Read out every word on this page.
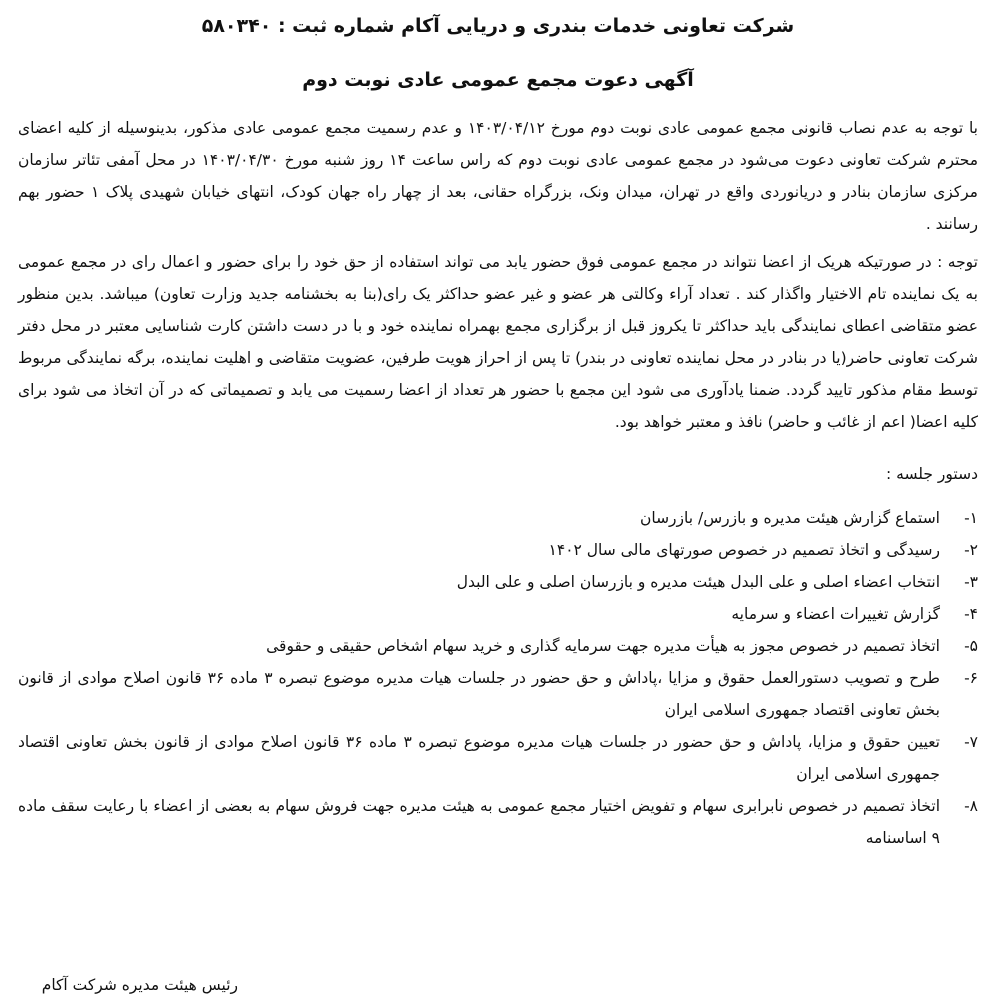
شرکت تعاونی خدمات بندری و دریایی آکام شماره ثبت : ۵۸۰۳۴۰
آگهی دعوت مجمع عمومی عادی نوبت دوم

با توجه به عدم نصاب قانونی مجمع عمومی عادی نوبت دوم مورخ ۱۴۰۳/۰۴/۱۲ و عدم رسمیت مجمع عمومی عادی مذکور، بدینوسیله از کلیه اعضای محترم شرکت تعاونی دعوت می‌شود در مجمع عمومی عادی نوبت دوم که راس ساعت ۱۴ روز شنبه مورخ ۱۴۰۳/۰۴/۳۰ در محل آمفی تئاتر سازمان مرکزی سازمان بنادر و دریانوردی واقع در تهران، میدان ونک، بزرگراه حقانی، بعد از چهار راه جهان کودک، انتهای خیابان شهیدی پلاک ۱ حضور بهم رسانند .

توجه : در صورتیکه هریک از اعضا نتواند در مجمع عمومی فوق حضور یابد می تواند استفاده از حق خود را برای حضور و اعمال رای در مجمع عمومی به یک نماینده تام الاختیار واگذار کند . تعداد آراء وکالتی هر عضو و غیر عضو حداکثر یک رای(بنا به بخشنامه جدید وزارت تعاون) میباشد. بدین منظور عضو متقاضی اعطای نمایندگی باید حداکثر تا یکروز قبل از برگزاری مجمع بهمراه نماینده خود و با در دست داشتن کارت شناسایی معتبر در محل دفتر شرکت تعاونی حاضر(یا در بنادر در محل نماینده تعاونی در بندر) تا پس از احراز هویت طرفین، عضویت متقاضی و اهلیت نماینده، برگه نمایندگی مربوط توسط مقام مذکور تایید گردد. ضمنا یادآوری می شود این مجمع با حضور هر تعداد از اعضا رسمیت می یابد و تصمیماتی که در آن اتخاذ می شود برای کلیه اعضا( اعم از غائب و حاضر) نافذ و معتبر خواهد بود.

دستور جلسه :
۱-
استماع گزارش هیئت مدیره و بازرس/ بازرسان
۲-
رسیدگی و اتخاذ تصمیم در خصوص صورتهای مالی سال ۱۴۰۲
۳-
انتخاب اعضاء اصلی و علی البدل هیئت مدیره و بازرسان اصلی و علی البدل
۴-
گزارش تغییرات اعضاء و سرمایه
۵-
اتخاذ تصمیم در خصوص مجوز به هیأت مدیره جهت سرمایه گذاری و خرید سهام اشخاص حقیقی و حقوقی
۶-
طرح و تصویب دستورالعمل حقوق و مزایا ،پاداش و حق حضور در جلسات هیات مدیره موضوع تبصره ۳ ماده ۳۶ قانون اصلاح موادی از قانون بخش تعاونی اقتصاد جمهوری اسلامی ایران
۷-
تعیین حقوق و مزایا، پاداش و حق حضور در جلسات هیات مدیره موضوع تبصره ۳ ماده ۳۶ قانون اصلاح موادی از قانون بخش تعاونی اقتصاد جمهوری اسلامی ایران
۸-
اتخاذ تصمیم در خصوص نابرابری سهام و تفویض اختیار مجمع عمومی به هیئت مدیره جهت فروش سهام به بعضی از اعضاء با رعایت سقف ماده ۹ اساسنامه
رئیس هیئت مدیره شرکت آکام
